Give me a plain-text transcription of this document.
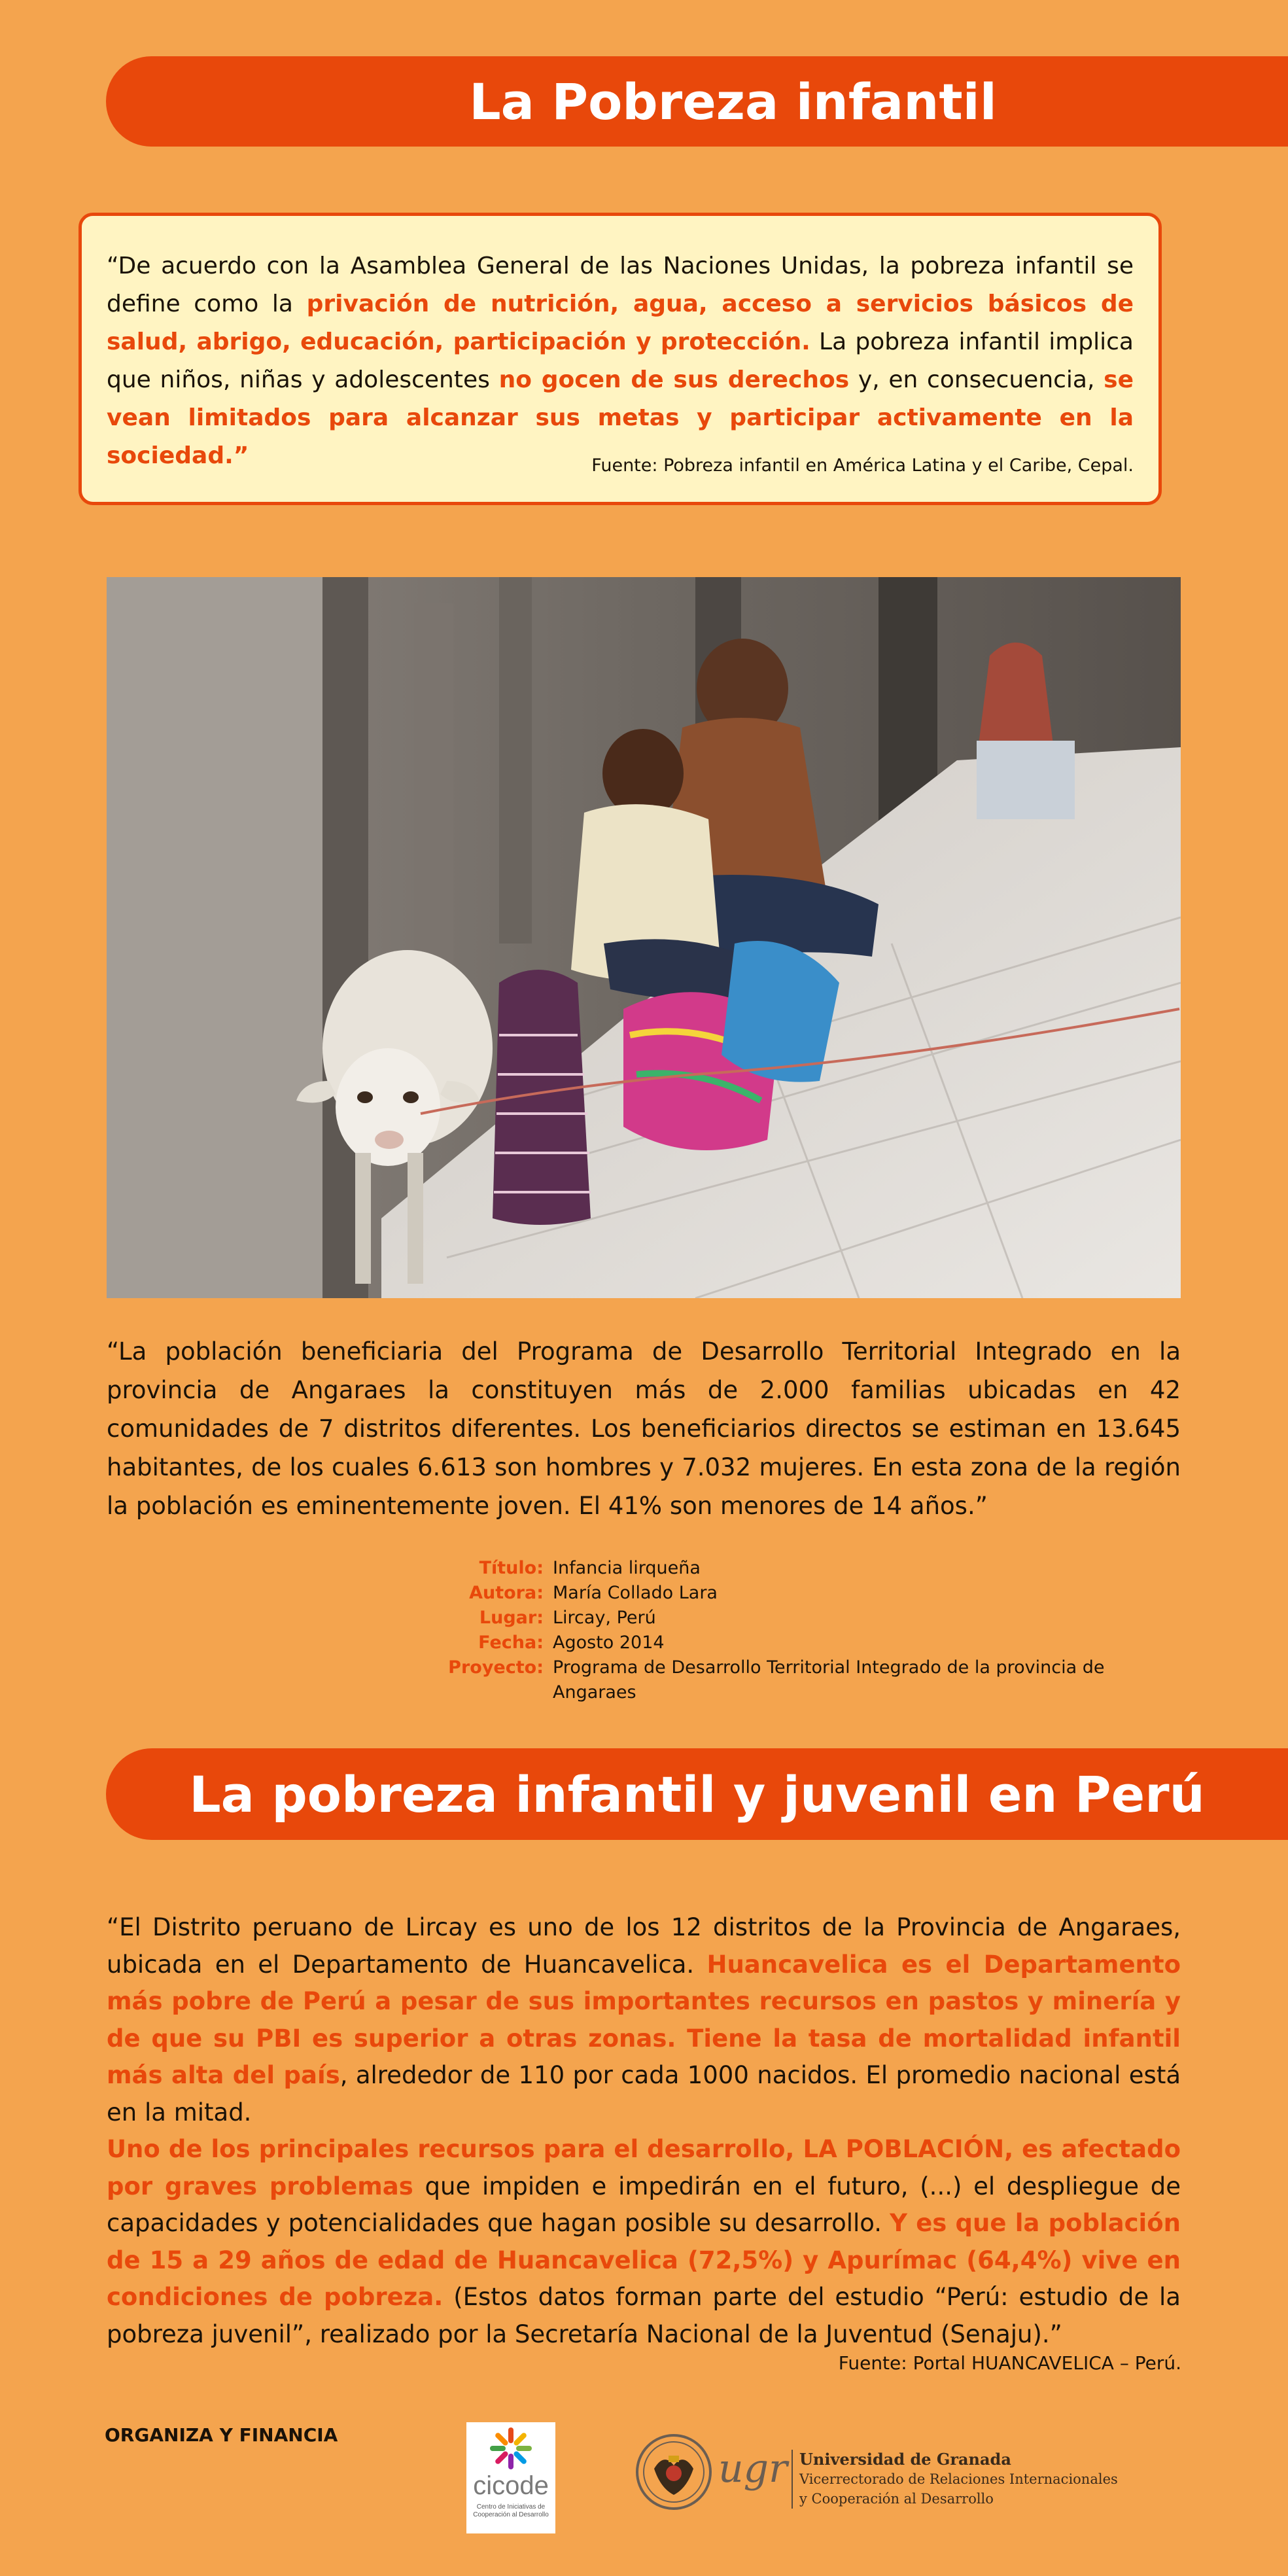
La Pobreza infantil
“De acuerdo con la Asamblea General de las Naciones Unidas, la pobreza infantil se define como la privación de nutrición, agua, acceso a servicios básicos de salud, abrigo, educación, participación y protección. La pobreza infantil implica que niños, niñas y adolescentes no gocen de sus derechos y, en consecuencia, se vean limitados para alcanzar sus metas y participar activamente en la sociedad.”	Fuente: Pobreza infantil en América Latina y el Caribe, Cepal.
“La población beneficiaria del Programa de Desarrollo Territorial Integrado en la provincia de Angaraes la constituyen más de 2.000 familias ubicadas en 42 comunidades de 7 distritos diferentes. Los beneficiarios directos se estiman en 13.645 habitantes, de los cuales 6.613 son hombres y 7.032 mujeres. En esta zona de la región la población es eminentemente joven. El 41% son menores de 14 años.”
Título: Infancia lirqueña
Autora: María Collado Lara
Lugar: Lircay, Perú
Fecha: Agosto 2014
Proyecto: Programa de Desarrollo Territorial Integrado de la provincia de Angaraes
La pobreza infantil y juvenil en Perú
“El Distrito peruano de Lircay es uno de los 12 distritos de la Provincia de Angaraes, ubicada en el Departamento de Huancavelica. Huancavelica es el Departamento más pobre de Perú a pesar de sus importantes recursos en pastos y minería y de que su PBI es superior a otras zonas. Tiene la tasa de mortalidad infantil más alta del país, alrededor de 110 por cada 1000 nacidos. El promedio nacional está en la mitad.
Uno de los principales recursos para el desarrollo, LA POBLACIÓN, es afectado por graves problemas que impiden e impedirán en el futuro, (...) el despliegue de capacidades y potencialidades que hagan posible su desarrollo. Y es que la población de 15 a 29 años de edad de Huancavelica (72,5%) y Apurímac (64,4%) vive en condiciones de pobreza. (Estos datos forman parte del estudio “Perú: estudio de la pobreza juvenil”, realizado por la Secretaría Nacional de la Juventud (Senaju).”
Fuente: Portal HUANCAVELICA – Perú.
ORGANIZA Y FINANCIA
cicode
Centro de Iniciativas de Cooperación al Desarrollo
ugr Universidad de Granada
Vicerrectorado de Relaciones Internacionales
y Cooperación al Desarrollo
